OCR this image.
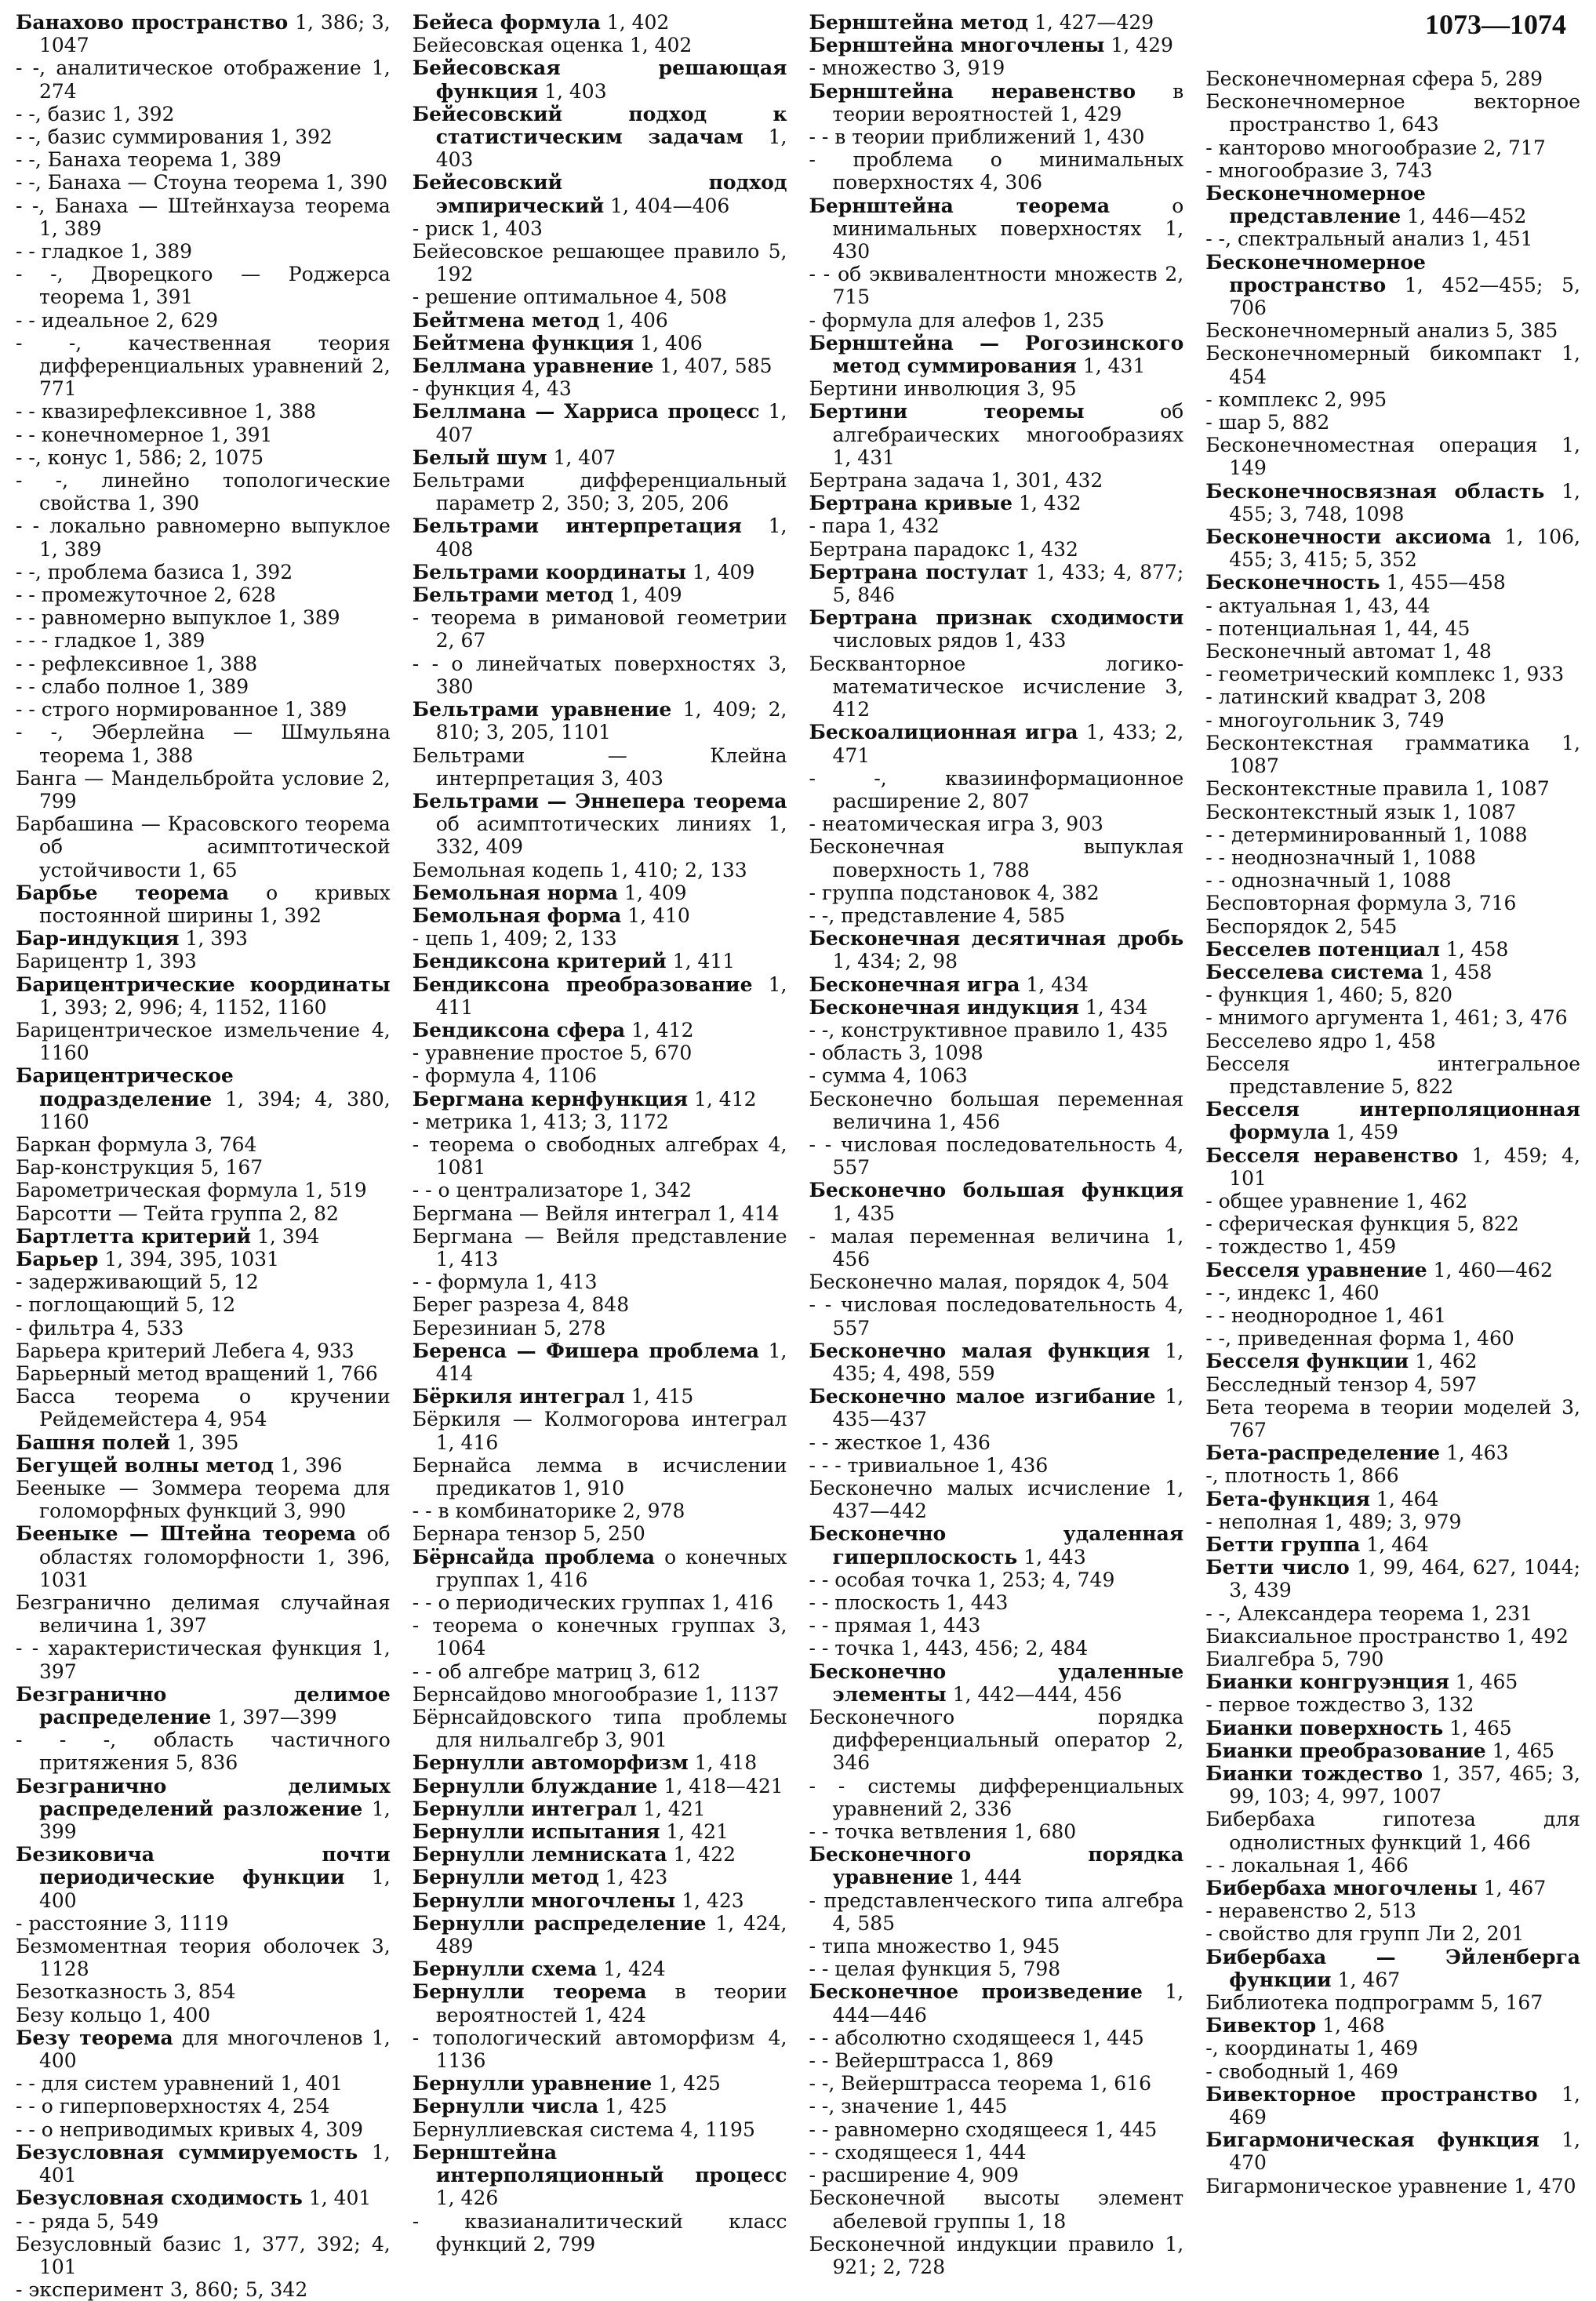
1073—1074

Банахово пространство 1, 386; 3, 1047

- -, аналитическое отображение 1, 274

- -, базис 1, 392

- -, базис суммирования 1, 392

- -, Банаха теорема 1, 389

- -, Банаха — Стоуна теорема 1, 390

- -, Банаха — Штейнхауза теорема 1, 389

- - гладкое 1, 389

- -, Дворецкого — Роджерса теорема 1, 391

- - идеальное 2, 629

- -, качественная теория дифференциальных уравнений 2, 771

- - квазирефлексивное 1, 388

- - конечномерное 1, 391

- -, конус 1, 586; 2, 1075

- -, линейно топологические свойства 1, 390

- - локально равномерно выпуклое 1, 389

- -, проблема базиса 1, 392

- - промежуточное 2, 628

- - равномерно выпуклое 1, 389

- - - гладкое 1, 389

- - рефлексивное 1, 388

- - слабо полное 1, 389

- - строго нормированное 1, 389

- -, Эберлейна — Шмульяна теорема 1, 388

Банга — Мандельбройта условие 2, 799

Барбашина — Красовского теорема об асимптотической устойчивости 1, 65

Барбье теорема о кривых постоянной ширины 1, 392

Бар-индукция 1, 393

Барицентр 1, 393

Барицентрические координаты 1, 393; 2, 996; 4, 1152, 1160

Барицентрическое измельчение 4, 1160

Барицентрическое подразделение 1, 394; 4, 380, 1160

Баркан формула 3, 764

Бар-конструкция 5, 167

Барометрическая формула 1, 519

Барсотти — Тейта группа 2, 82

Бартлетта критерий 1, 394

Барьер 1, 394, 395, 1031

- задерживающий 5, 12

- поглощающий 5, 12

- фильтра 4, 533

Барьера критерий Лебега 4, 933

Барьерный метод вращений 1, 766

Басса теорема о кручении Рейдемейстера 4, 954

Башня полей 1, 395

Бегущей волны метод 1, 396

Бееныке — Зоммера теорема для голоморфных функций 3, 990

Бееныке — Штейна теорема об областях голоморфности 1, 396, 1031

Безгранично делимая случайная величина 1, 397

- - характеристическая функция 1, 397

Безгранично делимое распределение 1, 397—399

- - -, область частичного притяжения 5, 836

Безгранично делимых распределений разложение 1, 399

Безиковича почти периодические функции 1, 400

- расстояние 3, 1119

Безмоментная теория оболочек 3, 1128

Безотказность 3, 854

Безу кольцо 1, 400

Безу теорема для многочленов 1, 400

- - для систем уравнений 1, 401

- - о гиперповерхностях 4, 254

- - о неприводимых кривых 4, 309

Безусловная суммируемость 1, 401

Безусловная сходимость 1, 401

- - ряда 5, 549

Безусловный базис 1, 377, 392; 4, 101

- эксперимент 3, 860; 5, 342

Бейеса формула 1, 402

Бейесовская оценка 1, 402

Бейесовская решающая функция 1, 403

Бейесовский подход к статистическим задачам 1, 403

Бейесовский подход эмпирический 1, 404—406

- риск 1, 403

Бейесовское решающее правило 5, 192

- решение оптимальное 4, 508

Бейтмена метод 1, 406

Бейтмена функция 1, 406

Беллмана уравнение 1, 407, 585

- функция 4, 43

Беллмана — Харриса процесс 1, 407

Белый шум 1, 407

Бельтрами дифференциальный параметр 2, 350; 3, 205, 206

Бельтрами интерпретация 1, 408

Бельтрами координаты 1, 409

Бельтрами метод 1, 409

- теорема в римановой геометрии 2, 67

- - о линейчатых поверхностях 3, 380

Бельтрами уравнение 1, 409; 2, 810; 3, 205, 1101

Бельтрами — Клейна интерпретация 3, 403

Бельтрами — Эннепера теорема об асимптотических линиях 1, 332, 409

Бемольная кодепь 1, 410; 2, 133

Бемольная норма 1, 409

Бемольная форма 1, 410

- цепь 1, 409; 2, 133

Бендиксона критерий 1, 411

Бендиксона преобразование 1, 411

Бендиксона сфера 1, 412

- уравнение простое 5, 670

- формула 4, 1106

Бергмана кернфункция 1, 412

- метрика 1, 413; 3, 1172

- теорема о свободных алгебрах 4, 1081

- - о централизаторе 1, 342

Бергмана — Вейля интеграл 1, 414

Бергмана — Вейля представление 1, 413

- - формула 1, 413

Берег разреза 4, 848

Березиниан 5, 278

Беренса — Фишера проблема 1, 414

Бёркиля интеграл 1, 415

Бёркиля — Колмогорова интеграл 1, 416

Бернайса лемма в исчислении предикатов 1, 910

- - в комбинаторике 2, 978

Бернара тензор 5, 250

Бёрнсайда проблема о конечных группах 1, 416

- - о периодических группах 1, 416

- теорема о конечных группах 3, 1064

- - об алгебре матриц 3, 612

Бернсайдово многообразие 1, 1137

Бёрнсайдовского типа проблемы для нильалгебр 3, 901

Бернулли автоморфизм 1, 418

Бернулли блуждание 1, 418—421

Бернулли интеграл 1, 421

Бернулли испытания 1, 421

Бернулли лемниската 1, 422

Бернулли метод 1, 423

Бернулли многочлены 1, 423

Бернулли распределение 1, 424, 489

Бернулли схема 1, 424

Бернулли теорема в теории вероятностей 1, 424

- топологический автоморфизм 4, 1136

Бернулли уравнение 1, 425

Бернулли числа 1, 425

Бернуллиевская система 4, 1195

Бернштейна интерполяционный процесс 1, 426

- квазианалитический класс функций 2, 799

Бернштейна метод 1, 427—429

Бернштейна многочлены 1, 429

- множество 3, 919

Бернштейна неравенство в теории вероятностей 1, 429

- - в теории приближений 1, 430

- проблема о минимальных поверхностях 4, 306

Бернштейна теорема о минимальных поверхностях 1, 430

- - об эквивалентности множеств 2, 715

- формула для алефов 1, 235

Бернштейна — Рогозинского метод суммирования 1, 431

Бертини инволюция 3, 95

Бертини теоремы об алгебраических многообразиях 1, 431

Бертрана задача 1, 301, 432

Бертрана кривые 1, 432

- пара 1, 432

Бертрана парадокс 1, 432

Бертрана постулат 1, 433; 4, 877; 5, 846

Бертрана признак сходимости числовых рядов 1, 433

Бесквантoрное логико-математическое исчисление 3, 412

Бескоалиционная игра 1, 433; 2, 471

- -, квазиинформационное расширение 2, 807

- неатомическая игра 3, 903

Бесконечная выпуклая поверхность 1, 788

- группа подстановок 4, 382

- -, представление 4, 585

Бесконечная десятичная дробь 1, 434; 2, 98

Бесконечная игра 1, 434

Бесконечная индукция 1, 434

- -, конструктивное правило 1, 435

- область 3, 1098

- сумма 4, 1063

Бесконечно большая переменная величина 1, 456

- - числовая последовательность 4, 557

Бесконечно большая функция 1, 435

- малая переменная величина 1, 456

Бесконечно малая, порядок 4, 504

- - числовая последовательность 4, 557

Бесконечно малая функция 1, 435; 4, 498, 559

Бесконечно малое изгибание 1, 435—437

- - жесткое 1, 436

- - - тривиальное 1, 436

Бесконечно малых исчисление 1, 437—442

Бесконечно удаленная гиперплоскость 1, 443

- - особая точка 1, 253; 4, 749

- - плоскость 1, 443

- - прямая 1, 443

- - точка 1, 443, 456; 2, 484

Бесконечно удаленные элементы 1, 442—444, 456

Бесконечного порядка дифференциальный оператор 2, 346

- - системы дифференциальных уравнений 2, 336

- - точка ветвления 1, 680

Бесконечного порядка уравнение 1, 444

- представленческого типа алгебра 4, 585

- типа множество 1, 945

- - целая функция 5, 798

Бесконечное произведение 1, 444—446

- - абсолютно сходящееся 1, 445

- - Вейерштрасса 1, 869

- -, Вейерштрасса теорема 1, 616

- -, значение 1, 445

- - равномерно сходящееся 1, 445

- - сходящееся 1, 444

- расширение 4, 909

Бесконечной высоты элемент абелевой группы 1, 18

Бесконечной индукции правило 1, 921; 2, 728

Бесконечномерная сфера 5, 289

Бесконечномерное векторное пространство 1, 643

- канторово многообразие 2, 717

- многообразие 3, 743

Бесконечномерное представление 1, 446—452

- -, спектральный анализ 1, 451

Бесконечномерное пространство 1, 452—455; 5, 706

Бесконечномерный анализ 5, 385

Бесконечномерный бикомпакт 1, 454

- комплекс 2, 995

- шар 5, 882

Бесконечноместная операция 1, 149

Бесконечносвязная область 1, 455; 3, 748, 1098

Бесконечности аксиома 1, 106, 455; 3, 415; 5, 352

Бесконечность 1, 455—458

- актуальная 1, 43, 44

- потенциальная 1, 44, 45

Бесконечный автомат 1, 48

- геометрический комплекс 1, 933

- латинский квадрат 3, 208

- многоугольник 3, 749

Бесконтекстная грамматика 1, 1087

Бесконтекстные правила 1, 1087

Бесконтекстный язык 1, 1087

- - детерминированный 1, 1088

- - неоднозначный 1, 1088

- - однозначный 1, 1088

Бесповторная формула 3, 716

Беспорядок 2, 545

Бесселев потенциал 1, 458

Бесселева система 1, 458

- функция 1, 460; 5, 820

- мнимого аргумента 1, 461; 3, 476

Бесселево ядро 1, 458

Бесселя интегральное представление 5, 822

Бесселя интерполяционная формула 1, 459

Бесселя неравенство 1, 459; 4, 101

- общее уравнение 1, 462

- сферическая функция 5, 822

- тождество 1, 459

Бесселя уравнение 1, 460—462

- -, индекс 1, 460

- - неоднородное 1, 461

- -, приведенная форма 1, 460

Бесселя функции 1, 462

Бесследный тензор 4, 597

Бета теорема в теории моделей 3, 767

Бета-распределение 1, 463

-, плотность 1, 866

Бета-функция 1, 464

- неполная 1, 489; 3, 979

Бетти группа 1, 464

Бетти число 1, 99, 464, 627, 1044; 3, 439

- -, Александера теорема 1, 231

Биаксиальное пространство 1, 492

Биалгебра 5, 790

Бианки конгруэнция 1, 465

- первое тождество 3, 132

Бианки поверхность 1, 465

Бианки преобразование 1, 465

Бианки тождество 1, 357, 465; 3, 99, 103; 4, 997, 1007

Бибербаха гипотеза для однолистных функций 1, 466

- - локальная 1, 466

Бибербаха многочлены 1, 467

- неравенство 2, 513

- свойство для групп Ли 2, 201

Бибербаха — Эйленберга функции 1, 467

Библиотека подпрограмм 5, 167

Бивектор 1, 468

-, координаты 1, 469

- свободный 1, 469

Бивекторное пространство 1, 469

Бигармоническая функция 1, 470

Бигармоническое уравнение 1, 470
